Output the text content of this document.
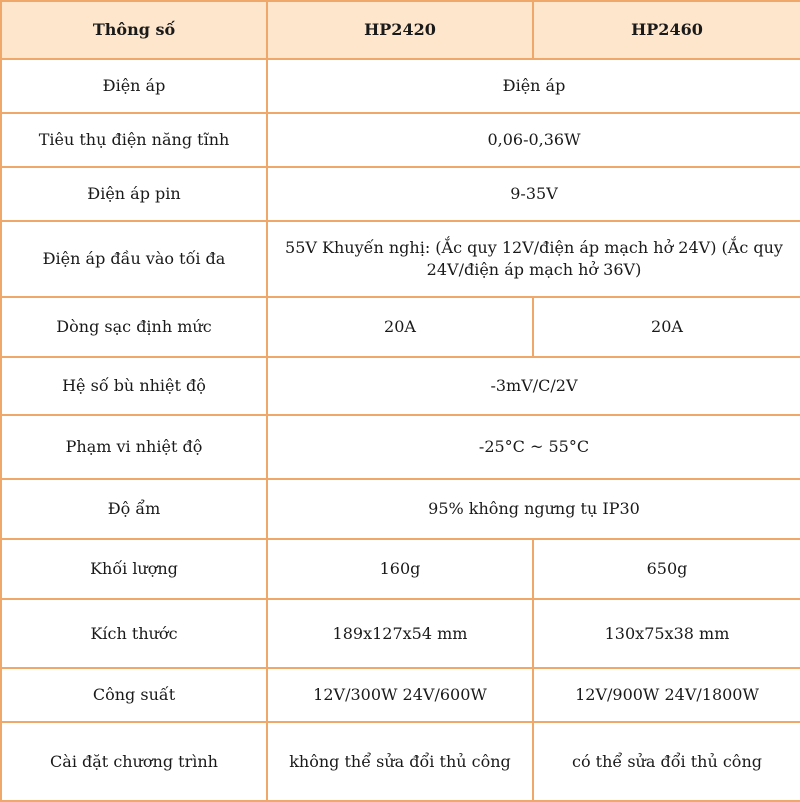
Thông số	HP2420	HP2460
Điện áp	Điện áp	
Tiêu thụ điện năng tĩnh	0,06-0,36W	
Điện áp pin	9-35V	
Điện áp đầu vào tối đa	55V Khuyến nghị: (Ắc quy 12V/điện áp mạch hở 24V) (Ắc quy 24V/điện áp mạch hở 36V)	
Dòng sạc định mức	20A	20A
Hệ số bù nhiệt độ	-3mV/C/2V	
Phạm vi nhiệt độ	-25°C ~ 55°C	
Độ ẩm	95% không ngưng tụ IP30	
Khối lượng	160g	650g
Kích thước	189x127x54 mm	130x75x38 mm
Công suất	12V/300W 24V/600W	12V/900W 24V/1800W
Cài đặt chương trình	không thể sửa đổi thủ công	có thể sửa đổi thủ công
